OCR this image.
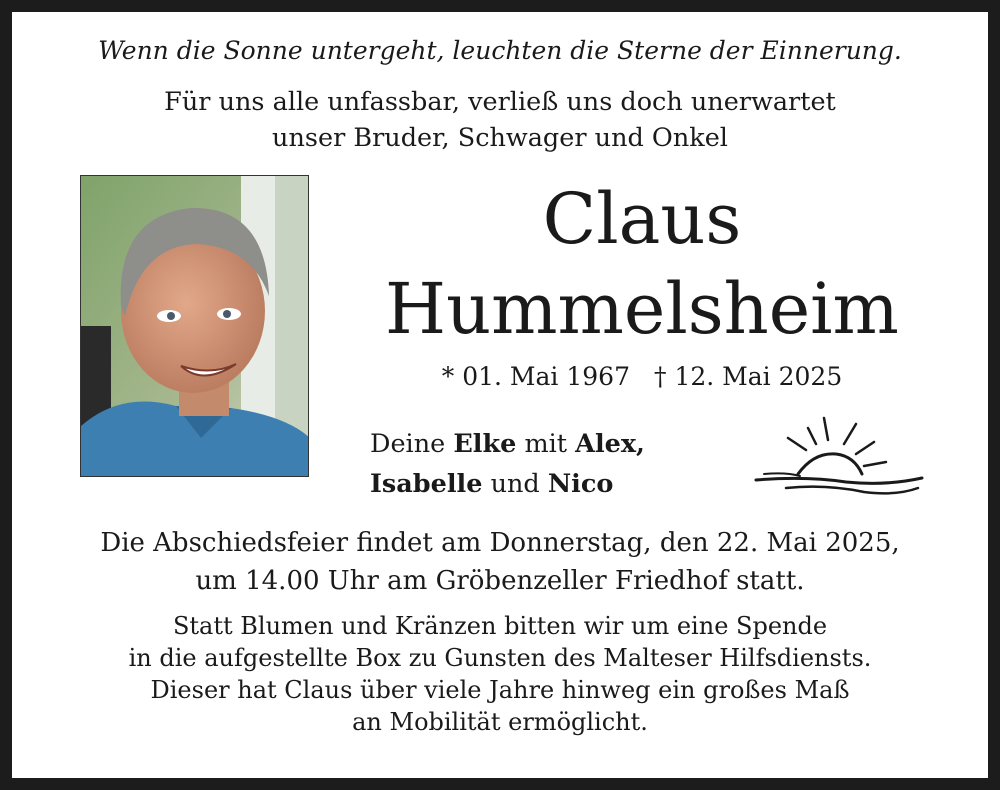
Wenn die Sonne untergeht, leuchten die Sterne der Einnerung.
Für uns alle unfassbar, verließ uns doch unerwartet
unser Bruder, Schwager und Onkel
Claus
Hummelsheim
* 01. Mai 1967 † 12. Mai 2025
Deine Elke mit Alex,
Isabelle und Nico
Die Abschiedsfeier findet am Donnerstag, den 22. Mai 2025,
um 14.00 Uhr am Gröbenzeller Friedhof statt.
Statt Blumen und Kränzen bitten wir um eine Spende
in die aufgestellte Box zu Gunsten des Malteser Hilfsdiensts.
Dieser hat Claus über viele Jahre hinweg ein großes Maß
an Mobilität ermöglicht.
